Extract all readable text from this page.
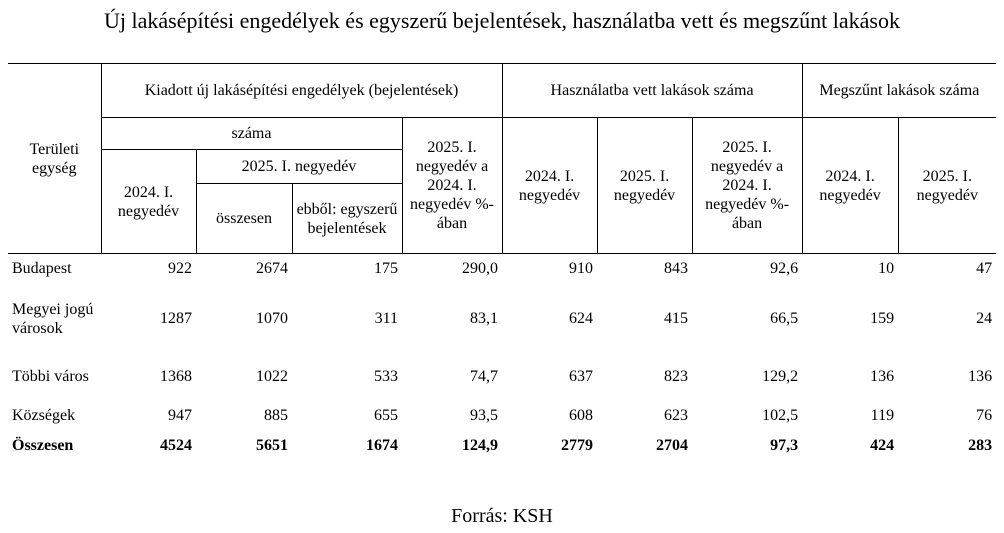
Új lakásépítési engedélyek és egyszerű bejelentések, használatba vett és megszűnt lakások
Területi egység	Kiadott új lakásépítési engedélyek (bejelentések)				Használatba vett lakások száma			Megszűnt lakások száma	
	száma			2025. I. negyedév a 2024. I. negyedév %-ában	2024. I. negyedév	2025. I. negyedév	2025. I. negyedév a 2024. I. negyedév %-ában	2024. I. negyedév	2025. I. negyedév
	2024. I. negyedév	2025. I. negyedév							
		összesen	ebből: egyszerű bejelentések						
Budapest	922	2674	175	290,0	910	843	92,6	10	47
Megyei jogú városok	1287	1070	311	83,1	624	415	66,5	159	24
Többi város	1368	1022	533	74,7	637	823	129,2	136	136
Községek	947	885	655	93,5	608	623	102,5	119	76
Összesen	4524	5651	1674	124,9	2779	2704	97,3	424	283
Forrás: KSH
